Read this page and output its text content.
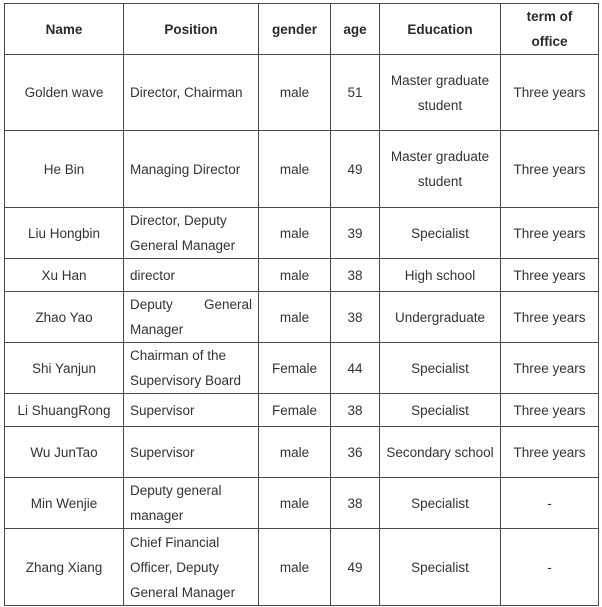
Name	Position	gender	age	Education	term of office
Golden wave	Director, Chairman	male	51	Master graduate student	Three years
He Bin	Managing Director	male	49	Master graduate student	Three years
Liu Hongbin	Director, Deputy General Manager	male	39	Specialist	Three years
Xu Han	director	male	38	High school	Three years
Zhao Yao	Deputy General Manager	male	38	Undergraduate	Three years
Shi Yanjun	Chairman of the Supervisory Board	Female	44	Specialist	Three years
Li ShuangRong	Supervisor	Female	38	Specialist	Three years
Wu JunTao	Supervisor	male	36	Secondary school	Three years
Min Wenjie	Deputy general manager	male	38	Specialist	-
Zhang Xiang	Chief Financial Officer, Deputy General Manager	male	49	Specialist	-
